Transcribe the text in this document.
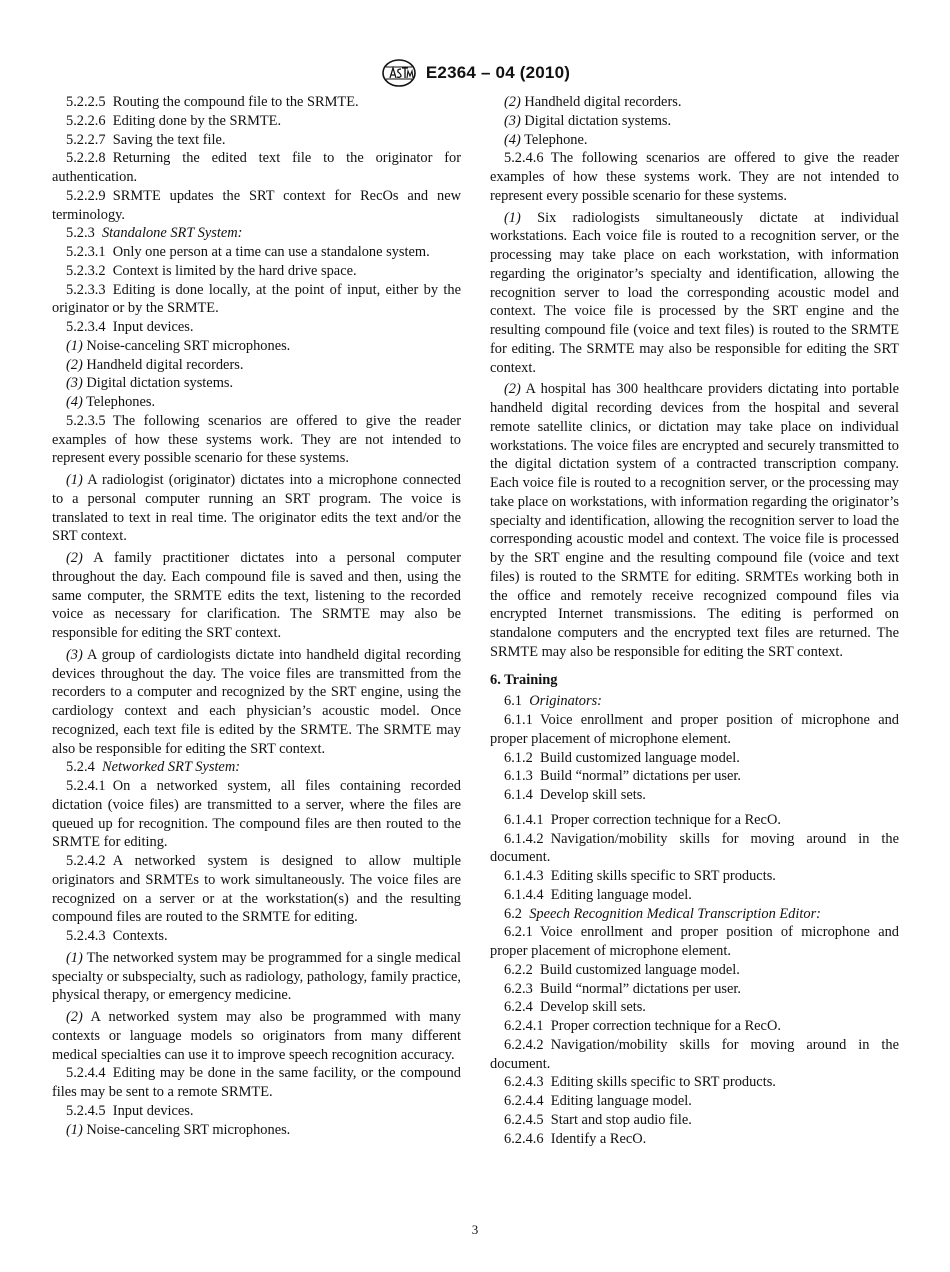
E2364 – 04 (2010)

5.2.2.5  Routing the compound file to the SRMTE.

5.2.2.6  Editing done by the SRMTE.

5.2.2.7  Saving the text file.

5.2.2.8  Returning the edited text file to the originator for authentication.

5.2.2.9  SRMTE updates the SRT context for RecOs and new terminology.

5.2.3  Standalone SRT System:

5.2.3.1  Only one person at a time can use a standalone system.

5.2.3.2  Context is limited by the hard drive space.

5.2.3.3  Editing is done locally, at the point of input, either by the originator or by the SRMTE.

5.2.3.4  Input devices.

(1) Noise-canceling SRT microphones.

(2) Handheld digital recorders.

(3) Digital dictation systems.

(4) Telephones.

5.2.3.5  The following scenarios are offered to give the reader examples of how these systems work. They are not intended to represent every possible scenario for these systems.

(1) A radiologist (originator) dictates into a microphone connected to a personal computer running an SRT program. The voice is translated to text in real time. The originator edits the text and/or the SRT context.

(2) A family practitioner dictates into a personal computer throughout the day. Each compound file is saved and then, using the same computer, the SRMTE edits the text, listening to the recorded voice as necessary for clarification. The SRMTE may also be responsible for editing the SRT context.

(3) A group of cardiologists dictate into handheld digital recording devices throughout the day. The voice files are transmitted from the recorders to a computer and recognized by the SRT engine, using the cardiology context and each physician’s acoustic model. Once recognized, each text file is edited by the SRMTE. The SRMTE may also be responsible for editing the SRT context.

5.2.4  Networked SRT System:

5.2.4.1  On a networked system, all files containing recorded dictation (voice files) are transmitted to a server, where the files are queued up for recognition. The compound files are then routed to the SRMTE for editing.

5.2.4.2  A networked system is designed to allow multiple originators and SRMTEs to work simultaneously. The voice files are recognized on a server or at the workstation(s) and the resulting compound files are routed to the SRMTE for editing.

5.2.4.3  Contexts.

(1) The networked system may be programmed for a single medical specialty or subspecialty, such as radiology, pathology, family practice, physical therapy, or emergency medicine.

(2) A networked system may also be programmed with many contexts or language models so originators from many different medical specialties can use it to improve speech recognition accuracy.

5.2.4.4  Editing may be done in the same facility, or the compound files may be sent to a remote SRMTE.

5.2.4.5  Input devices.

(1) Noise-canceling SRT microphones.

(2) Handheld digital recorders.

(3) Digital dictation systems.

(4) Telephone.

5.2.4.6  The following scenarios are offered to give the reader examples of how these systems work. They are not intended to represent every possible scenario for these systems.

(1) Six radiologists simultaneously dictate at individual workstations. Each voice file is routed to a recognition server, or the processing may take place on each workstation, with information regarding the originator’s specialty and identification, allowing the recognition server to load the corresponding acoustic model and context. The voice file is processed by the SRT engine and the resulting compound file (voice and text files) is routed to the SRMTE for editing. The SRMTE may also be responsible for editing the SRT context.

(2) A hospital has 300 healthcare providers dictating into portable handheld digital recording devices from the hospital and several remote satellite clinics, or dictation may take place on individual workstations. The voice files are encrypted and securely transmitted to the digital dictation system of a contracted transcription company. Each voice file is routed to a recognition server, or the processing may take place on workstations, with information regarding the originator’s specialty and identification, allowing the recognition server to load the corresponding acoustic model and context. The voice file is processed by the SRT engine and the resulting compound file (voice and text files) is routed to the SRMTE for editing. SRMTEs working both in the office and remotely receive recognized compound files via encrypted Internet transmissions. The editing is performed on standalone computers and the encrypted text files are returned. The SRMTE may also be responsible for editing the SRT context.

6. Training

6.1  Originators:

6.1.1  Voice enrollment and proper position of microphone and proper placement of microphone element.

6.1.2  Build customized language model.

6.1.3  Build “normal” dictations per user.

6.1.4  Develop skill sets.

6.1.4.1  Proper correction technique for a RecO.

6.1.4.2  Navigation/mobility skills for moving around in the document.

6.1.4.3  Editing skills specific to SRT products.

6.1.4.4  Editing language model.

6.2  Speech Recognition Medical Transcription Editor:

6.2.1  Voice enrollment and proper position of microphone and proper placement of microphone element.

6.2.2  Build customized language model.

6.2.3  Build “normal” dictations per user.

6.2.4  Develop skill sets.

6.2.4.1  Proper correction technique for a RecO.

6.2.4.2  Navigation/mobility skills for moving around in the document.

6.2.4.3  Editing skills specific to SRT products.

6.2.4.4  Editing language model.

6.2.4.5  Start and stop audio file.

6.2.4.6  Identify a RecO.

3
